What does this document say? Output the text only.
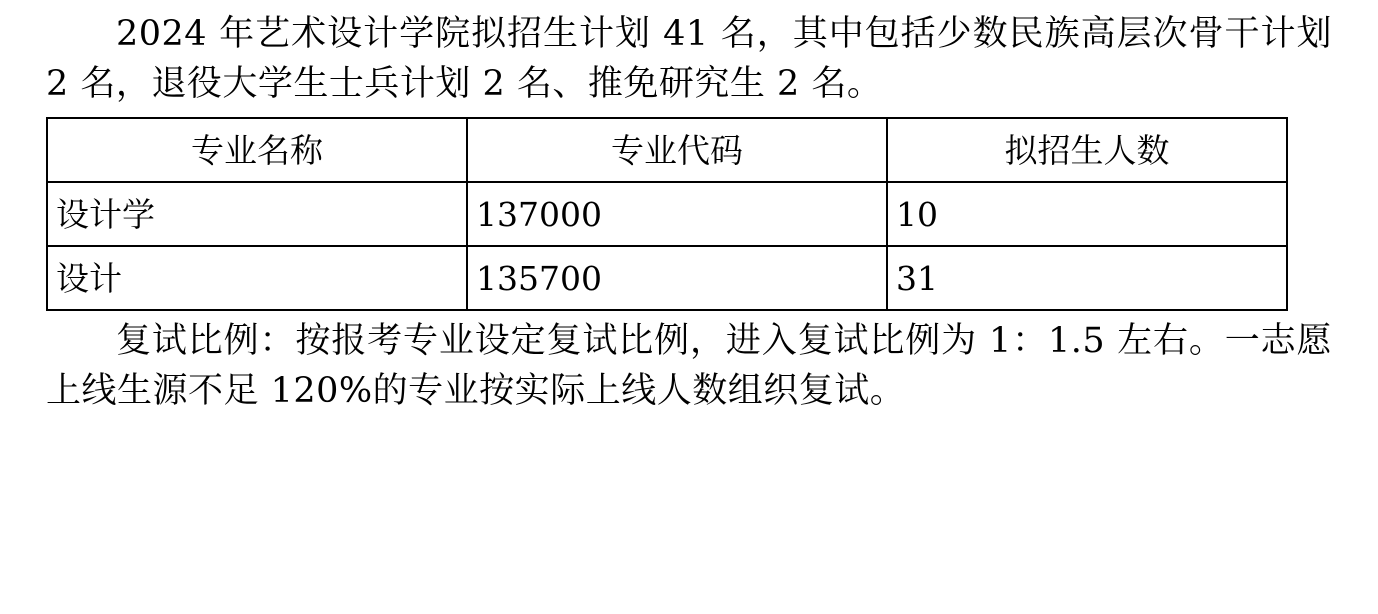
2024 年艺术设计学院拟招生计划 41 名，其中包括少数民族高层次骨干计划 2 名，退役大学生士兵计划 2 名、推免研究生 2 名。

专业名称	专业代码	拟招生人数
设计学	137000	10
设计	135700	31

复试比例：按报考专业设定复试比例，进入复试比例为 1：1.5 左右。一志愿上线生源不足 120%的专业按实际上线人数组织复试。
